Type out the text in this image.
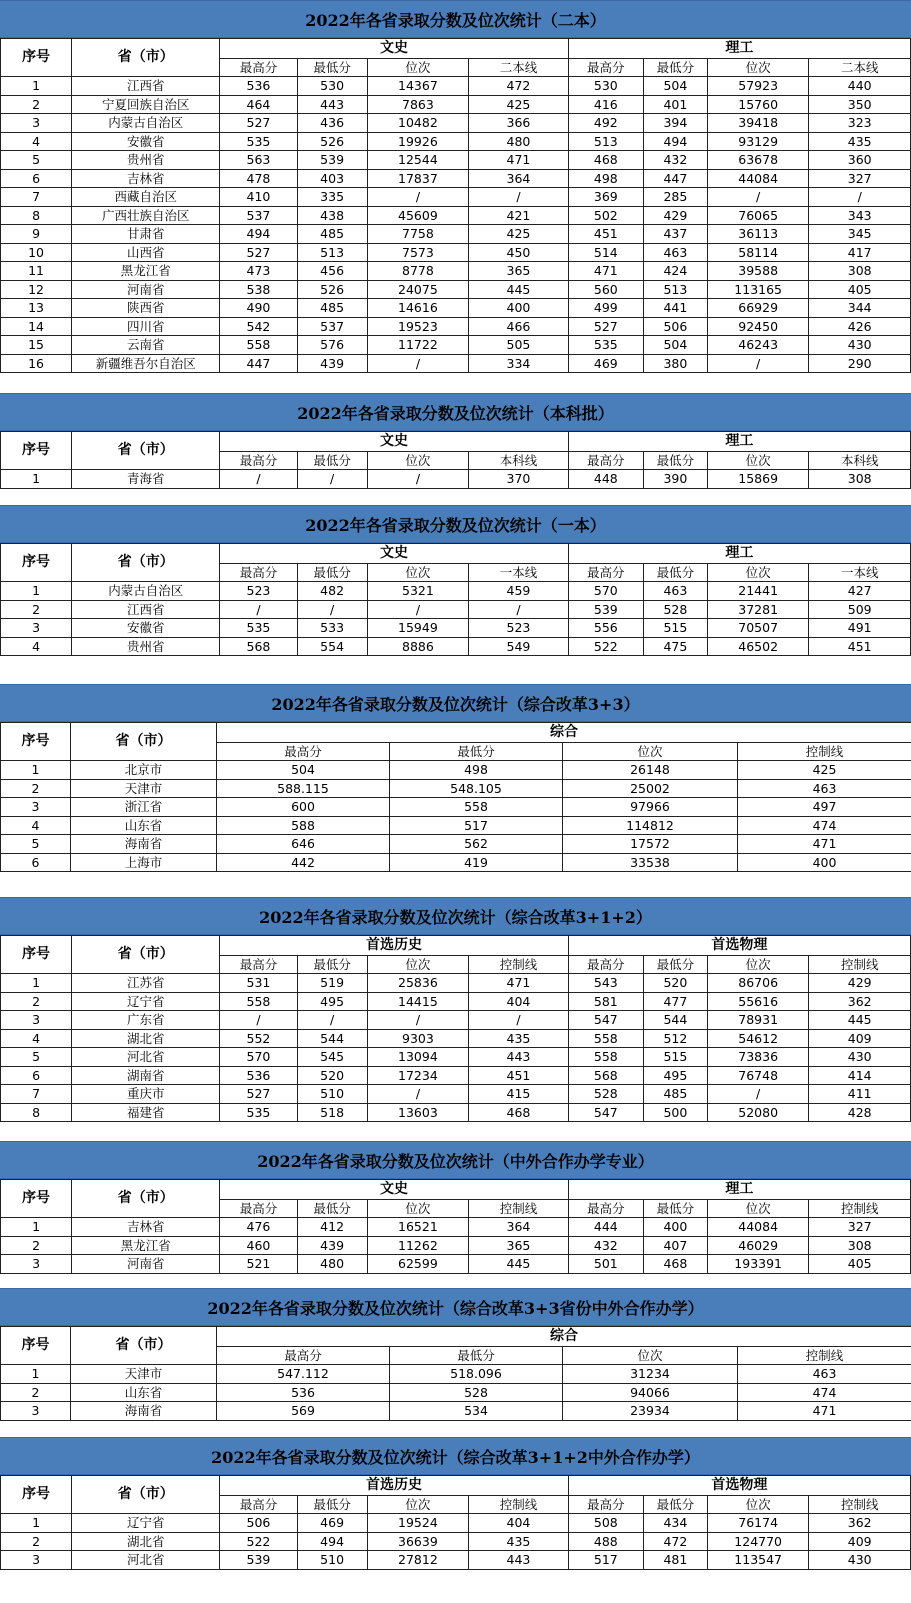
2022年各省录取分数及位次统计（二本）
序号	省（市）	文史				理工			
		最高分	最低分	位次	二本线	最高分	最低分	位次	二本线
1	江西省	536	530	14367	472	530	504	57923	440
2	宁夏回族自治区	464	443	7863	425	416	401	15760	350
3	内蒙古自治区	527	436	10482	366	492	394	39418	323
4	安徽省	535	526	19926	480	513	494	93129	435
5	贵州省	563	539	12544	471	468	432	63678	360
6	吉林省	478	403	17837	364	498	447	44084	327
7	西藏自治区	410	335	/	/	369	285	/	/
8	广西壮族自治区	537	438	45609	421	502	429	76065	343
9	甘肃省	494	485	7758	425	451	437	36113	345
10	山西省	527	513	7573	450	514	463	58114	417
11	黑龙江省	473	456	8778	365	471	424	39588	308
12	河南省	538	526	24075	445	560	513	113165	405
13	陕西省	490	485	14616	400	499	441	66929	344
14	四川省	542	537	19523	466	527	506	92450	426
15	云南省	558	576	11722	505	535	504	46243	430
16	新疆维吾尔自治区	447	439	/	334	469	380	/	290
2022年各省录取分数及位次统计（本科批）
序号	省（市）	文史				理工			
		最高分	最低分	位次	本科线	最高分	最低分	位次	本科线
1	青海省	/	/	/	370	448	390	15869	308
2022年各省录取分数及位次统计（一本）
序号	省（市）	文史				理工			
		最高分	最低分	位次	一本线	最高分	最低分	位次	一本线
1	内蒙古自治区	523	482	5321	459	570	463	21441	427
2	江西省	/	/	/	/	539	528	37281	509
3	安徽省	535	533	15949	523	556	515	70507	491
4	贵州省	568	554	8886	549	522	475	46502	451
2022年各省录取分数及位次统计（综合改革3+3）
序号	省（市）	综合			
		最高分	最低分	位次	控制线
1	北京市	504	498	26148	425
2	天津市	588.115	548.105	25002	463
3	浙江省	600	558	97966	497
4	山东省	588	517	114812	474
5	海南省	646	562	17572	471
6	上海市	442	419	33538	400
2022年各省录取分数及位次统计（综合改革3+1+2）
序号	省（市）	首选历史				首选物理			
		最高分	最低分	位次	控制线	最高分	最低分	位次	控制线
1	江苏省	531	519	25836	471	543	520	86706	429
2	辽宁省	558	495	14415	404	581	477	55616	362
3	广东省	/	/	/	/	547	544	78931	445
4	湖北省	552	544	9303	435	558	512	54612	409
5	河北省	570	545	13094	443	558	515	73836	430
6	湖南省	536	520	17234	451	568	495	76748	414
7	重庆市	527	510	/	415	528	485	/	411
8	福建省	535	518	13603	468	547	500	52080	428
2022年各省录取分数及位次统计（中外合作办学专业）
序号	省（市）	文史				理工			
		最高分	最低分	位次	控制线	最高分	最低分	位次	控制线
1	吉林省	476	412	16521	364	444	400	44084	327
2	黑龙江省	460	439	11262	365	432	407	46029	308
3	河南省	521	480	62599	445	501	468	193391	405
2022年各省录取分数及位次统计（综合改革3+3省份中外合作办学）
序号	省（市）	综合			
		最高分	最低分	位次	控制线
1	天津市	547.112	518.096	31234	463
2	山东省	536	528	94066	474
3	海南省	569	534	23934	471
2022年各省录取分数及位次统计（综合改革3+1+2中外合作办学）
序号	省（市）	首选历史				首选物理			
		最高分	最低分	位次	控制线	最高分	最低分	位次	控制线
1	辽宁省	506	469	19524	404	508	434	76174	362
2	湖北省	522	494	36639	435	488	472	124770	409
3	河北省	539	510	27812	443	517	481	113547	430
